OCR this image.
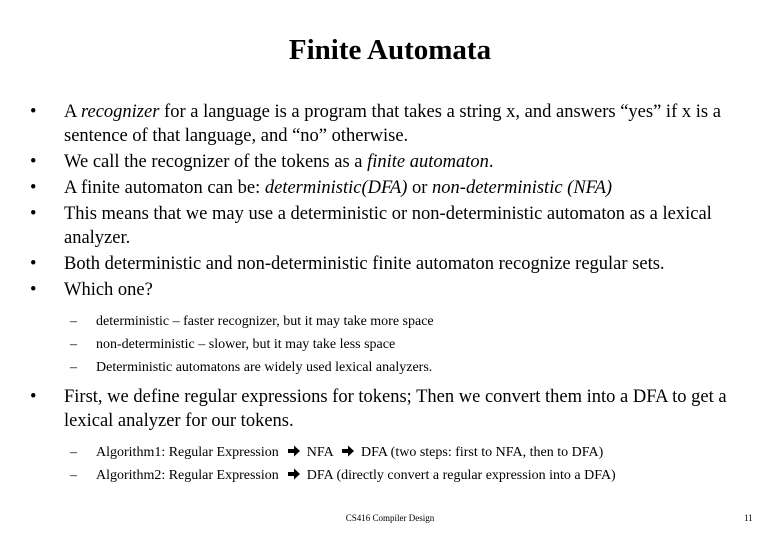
Finite Automata
•	A recognizer for a language is a program that takes a string x, and answers “yes” if x is a sentence of that language, and “no” otherwise.
•	We call the recognizer of the tokens as a finite automaton.
•	A finite automaton can be: deterministic(DFA) or non-deterministic (NFA)
•	This means that we may use a deterministic or non-deterministic automaton as a lexical analyzer.
•	Both deterministic and non-deterministic finite automaton recognize regular sets.
•	Which one?
– deterministic – faster recognizer, but it may take more space
– non-deterministic – slower, but it may take less space
– Deterministic automatons are widely used lexical analyzers.
•	First, we define regular expressions for tokens; Then we convert them into a DFA to get a lexical analyzer for our tokens.
– Algorithm1: Regular Expression  NFA  DFA (two steps: first to NFA, then to DFA)
– Algorithm2: Regular Expression  DFA (directly convert a regular expression into a DFA)
CS416 Compiler Design	11
